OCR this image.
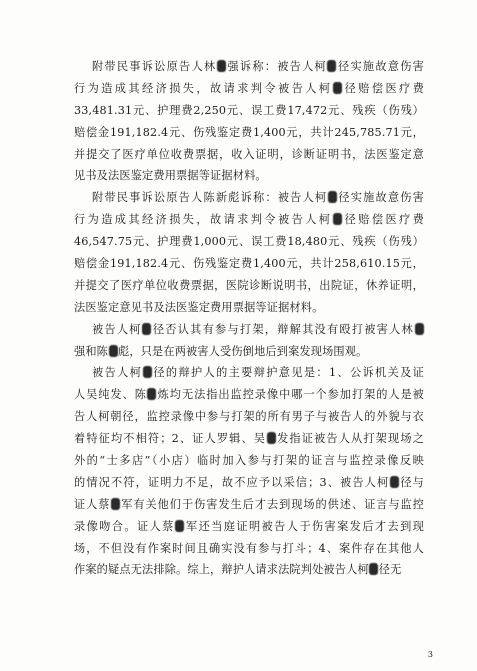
附带民事诉讼原告人林 强诉称：被告人柯 径实施故意伤害
行为造成其经济损失，故请求判令被告人柯 径赔偿医疗费
33,481.31元、护理费2,250元、误工费17,472元、残疾（伤残）
赔偿金191,182.4元、伤残鉴定费1,400元，共计245,785.71元，
并提交了医疗单位收费票据，收入证明，诊断证明书，法医鉴定意
见书及法医鉴定费用票据等证据材料。
附带民事诉讼原告人陈新彪诉称：被告人柯 径实施故意伤害
行为造成其经济损失，故请求判令被告人柯 径赔偿医疗费
46,547.75元、护理费1,000元、误工费18,480元、残疾（伤残）
赔偿金191,182.4元、伤残鉴定费1,400元，共计258,610.15元，
并提交了医疗单位收费票据，医院诊断说明书，出院证，休养证明，
法医鉴定意见书及法医鉴定费用票据等证据材料。
被告人柯 径否认其有参与打架，辩解其没有殴打被害人林
强和陈 彪，只是在两被害人受伤倒地后到案发现场围观。
被告人柯 径的辩护人的主要辩护意见是：1、公诉机关及证
人吴纯发、陈 炼均无法指出监控录像中哪一个参加打架的人是被
告人柯朝径，监控录像中参与打架的所有男子与被告人的外貌与衣
着特征均不相符；2、证人罗辑、吴 发指证被告人从打架现场之
外的“士多店”（小店）临时加入参与打架的证言与监控录像反映
的情况不符，证明力不足，故不应予以采信；3、被告人柯 径与
证人蔡 军有关他们于伤害发生后才去到现场的供述、证言与监控
录像吻合。证人蔡 军还当庭证明被告人于伤害案发后才去到现
场，不但没有作案时间且确实没有参与打斗；4、案件存在其他人
作案的疑点无法排除。综上，辩护人请求法院判处被告人柯 径无
3
